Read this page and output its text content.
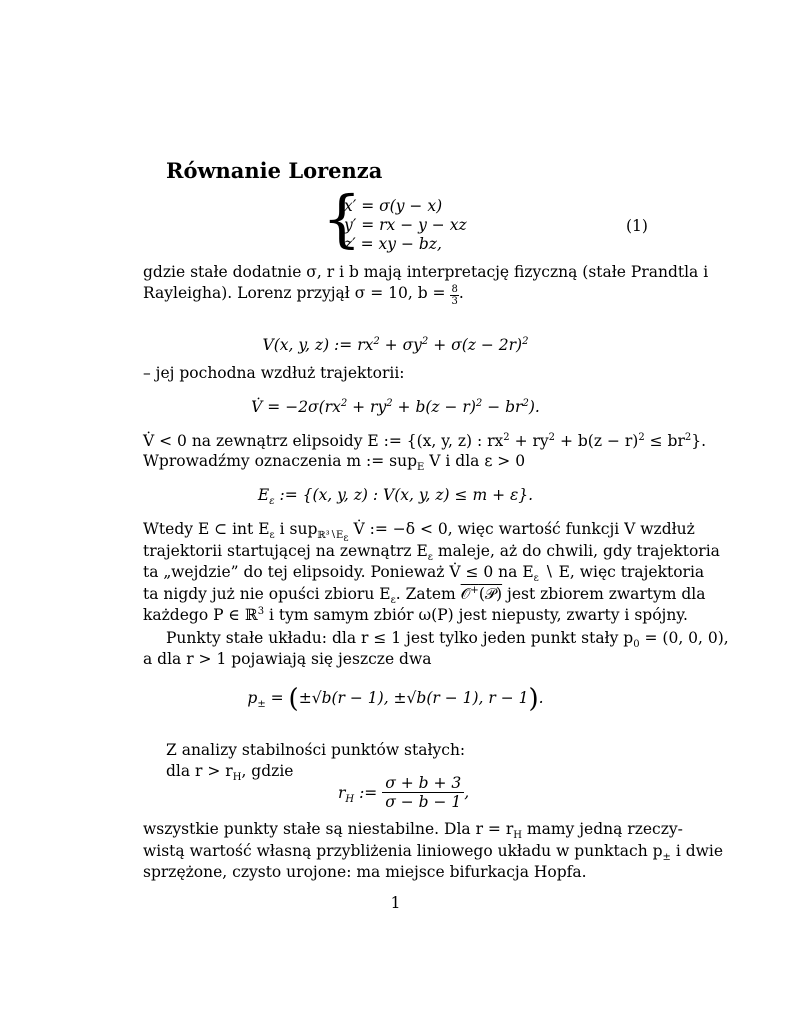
Równanie Lorenza
{
x′ = σ(y − x)
y′ = rx − y − xz
z′ = xy − bz,
(1)
gdzie stałe dodatnie σ, r i b mają interpretację fizyczną (stałe Prandtla i
Rayleigha). Lorenz przyjął σ = 10, $b = \frac{8}{3}$.
V(x, y, z) := $rx^2 + \sigma y^2 + \sigma(z - 2r)^2$
– jej pochodna wzdłuż trajektorii:
V̇ = $-2\sigma(rx^2 + ry^2 + b(z - r)^2 - br^2)$.
V̇ < 0 na zewnątrz elipsoidy E := {(x, y, z) : $rx^2 + ry^2 + b(z - r)^2 \le br^2$}.
Wprowadźmy oznaczenia m := sup$_E$ V i dla ε > 0
$E_\varepsilon$ := {(x, y, z) : V(x, y, z) ≤ m + ε}.
Wtedy E ⊂ int $E_\varepsilon$ i sup$_{ℝ^3∖E_\varepsilon}$ V̇ := −δ < 0, więc wartość funkcji V wzdłuż
trajektorii startującej na zewnątrz $E_\varepsilon$ maleje, aż do chwili, gdy trajektoria
ta „wejdzie” do tej elipsoidy. Ponieważ V̇ ≤ 0 na $E_\varepsilon$ ∖ E, więc trajektoria
ta nigdy już nie opuści zbioru $E_\varepsilon$. Zatem 𝒪+(𝒫) jest zbiorem zwartym dla
każdego P ∈ ℝ$^3$ i tym samym zbiór ω(P) jest niepusty, zwarty i spójny.
Punkty stałe układu: dla r ≤ 1 jest tylko jeden punkt stały $p_0 = (0$, 0, 0),
a dla r > 1 pojawiają się jeszcze dwa
$p_\pm = (\pm√b(r - 1)$, ±√b(r − 1), r − 1).
Z analizy stabilności punktów stałych:
dla $r > r_H$, gdzie
$r_H$ := $\frac{\sigma + b + 3}{\sigma - b - 1}$ ,
wszystkie punkty stałe są niestabilne. Dla $r = r_H$ mamy jedną rzeczy-
wistą wartość własną przybliżenia liniowego układu w punktach $p_\pm$ i dwie
sprzężone, czysto urojone: ma miejsce bifurkacja Hopfa.
1
